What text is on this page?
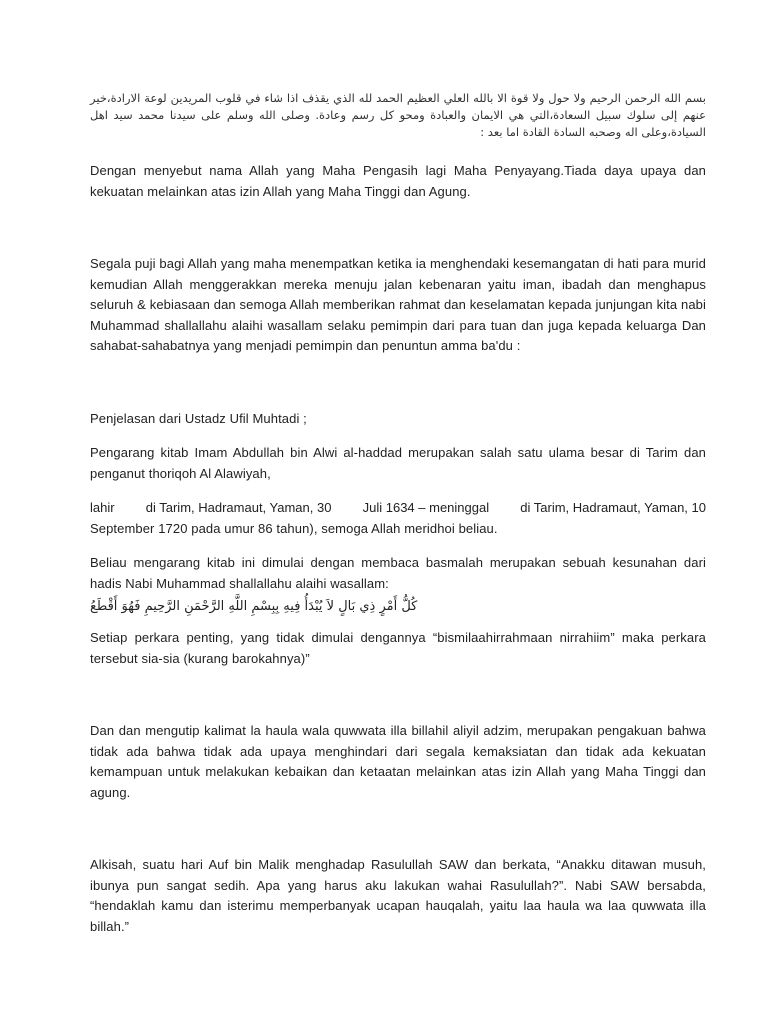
بسم الله الرحمن الرحيم ولا حول ولا قوة الا بالله العلي العظيم الحمد لله الذي يقذف اذا شاء في قلوب المريدين لوعة الارادة،خير عنهم إلى سلوك سبيل السعادة،التي هي الايمان والعبادة ومحو كل رسم وعادة. وصلى الله وسلم على سيدنا محمد سيد اهل السيادة،وعلى اله وصحبه السادة القادة اما بعد :

Dengan menyebut nama Allah yang Maha Pengasih lagi Maha Penyayang.Tiada daya upaya dan kekuatan melainkan atas izin Allah yang Maha Tinggi dan Agung.

Segala puji bagi Allah yang maha menempatkan ketika ia menghendaki kesemangatan di hati para murid kemudian Allah menggerakkan mereka menuju jalan kebenaran yaitu iman, ibadah dan menghapus seluruh & kebiasaan dan semoga Allah memberikan rahmat dan keselamatan kepada junjungan kita nabi Muhammad shallallahu alaihi wasallam selaku pemimpin dari para tuan dan juga kepada keluarga Dan sahabat-sahabatnya yang menjadi pemimpin dan penuntun amma ba'du :

Penjelasan dari Ustadz Ufil Muhtadi ;

Pengarang kitab Imam Abdullah bin Alwi al-haddad merupakan salah satu ulama besar di Tarim dan penganut thoriqoh Al Alawiyah,

lahir di Tarim, Hadramaut, Yaman, 30 Juli 1634 – meninggal di Tarim, Hadramaut, Yaman, 10

September 1720 pada umur 86 tahun), semoga Allah meridhoi beliau.

Beliau mengarang kitab ini dimulai dengan membaca basmalah merupakan sebuah kesunahan dari hadis Nabi Muhammad shallallahu alaihi wasallam:

كُلُّ أَمْرٍ ذِي بَالٍ لاَ يُبْدَأُ فِيهِ بِبِسْمِ اللَّهِ الرَّحْمَنِ الرَّحِيمِ فَهُوَ أَقْطَعُ

Setiap perkara penting, yang tidak dimulai dengannya “bismilaahirrahmaan nirrahiim” maka perkara tersebut sia-sia (kurang barokahnya)”

Dan dan mengutip kalimat la haula wala quwwata illa billahil aliyil adzim, merupakan pengakuan bahwa tidak ada bahwa tidak ada upaya menghindari dari segala kemaksiatan dan tidak ada kekuatan kemampuan untuk melakukan kebaikan dan ketaatan melainkan atas izin Allah yang Maha Tinggi dan agung.

Alkisah, suatu hari Auf bin Malik menghadap Rasulullah SAW dan berkata, “Anakku ditawan musuh, ibunya pun sangat sedih. Apa yang harus aku lakukan wahai Rasulullah?”. Nabi SAW bersabda, “hendaklah kamu dan isterimu memperbanyak ucapan hauqalah, yaitu laa haula wa laa quwwata illa billah.”
